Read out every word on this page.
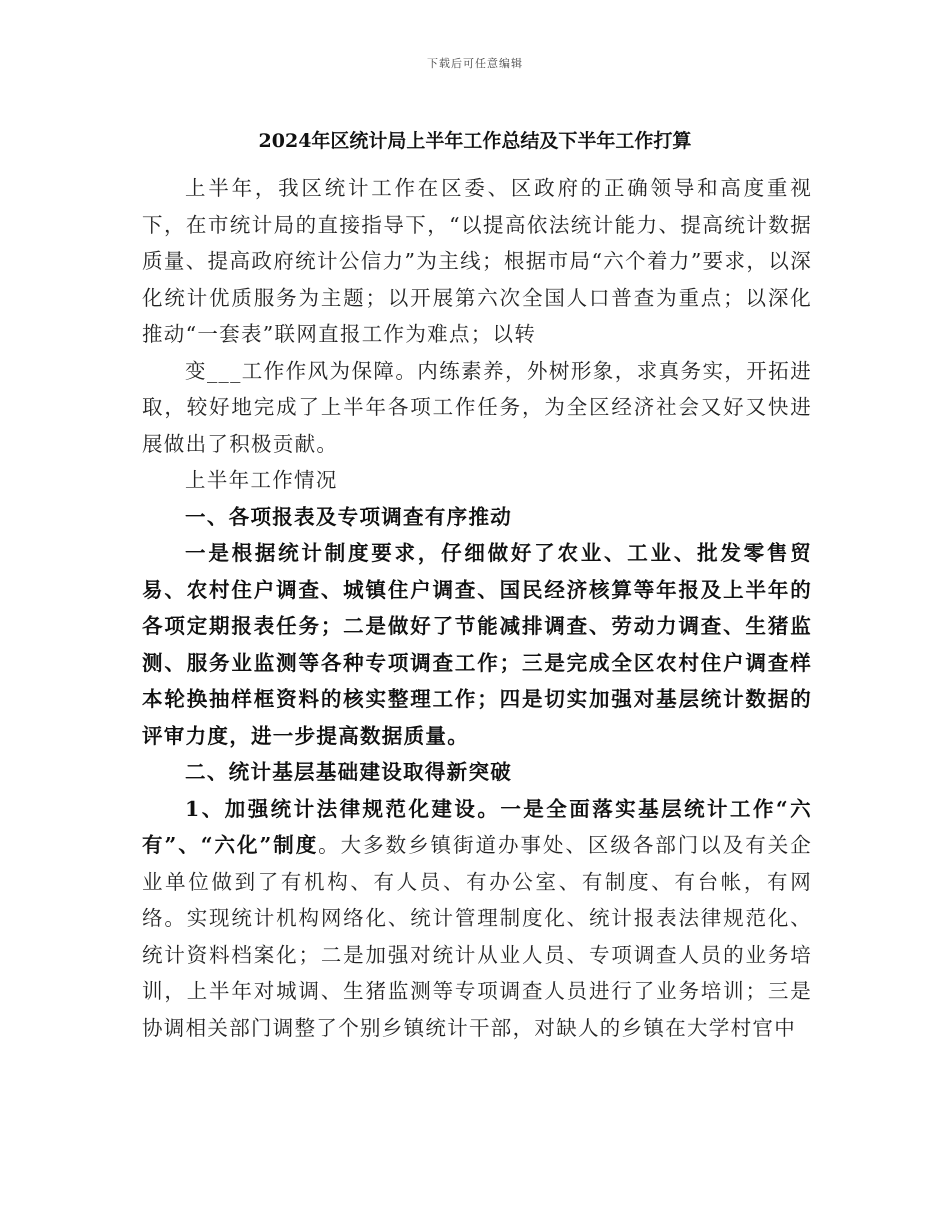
下载后可任意编辑
2024年区统计局上半年工作总结及下半年工作打算

上半年，我区统计工作在区委、区政府的正确领导和高度重视下，在市统计局的直接指导下，“以提高依法统计能力、提高统计数据质量、提高政府统计公信力”为主线；根据市局“六个着力”要求，以深化统计优质服务为主题；以开展第六次全国人口普查为重点；以深化推动“一套表”联网直报工作为难点；以转

变___工作作风为保障。内练素养，外树形象，求真务实，开拓进取，较好地完成了上半年各项工作任务，为全区经济社会又好又快进展做出了积极贡献。

上半年工作情况

一、各项报表及专项调查有序推动

一是根据统计制度要求，仔细做好了农业、工业、批发零售贸易、农村住户调查、城镇住户调查、国民经济核算等年报及上半年的各项定期报表任务；二是做好了节能减排调查、劳动力调查、生猪监测、服务业监测等各种专项调查工作；三是完成全区农村住户调查样本轮换抽样框资料的核实整理工作；四是切实加强对基层统计数据的评审力度，进一步提高数据质量。

二、统计基层基础建设取得新突破

1、加强统计法律规范化建设。一是全面落实基层统计工作“六有”、“六化”制度。大多数乡镇街道办事处、区级各部门以及有关企业单位做到了有机构、有人员、有办公室、有制度、有台帐，有网络。实现统计机构网络化、统计管理制度化、统计报表法律规范化、统计资料档案化；二是加强对统计从业人员、专项调查人员的业务培训，上半年对城调、生猪监测等专项调查人员进行了业务培训；三是协调相关部门调整了个别乡镇统计干部，对缺人的乡镇在大学村官中
